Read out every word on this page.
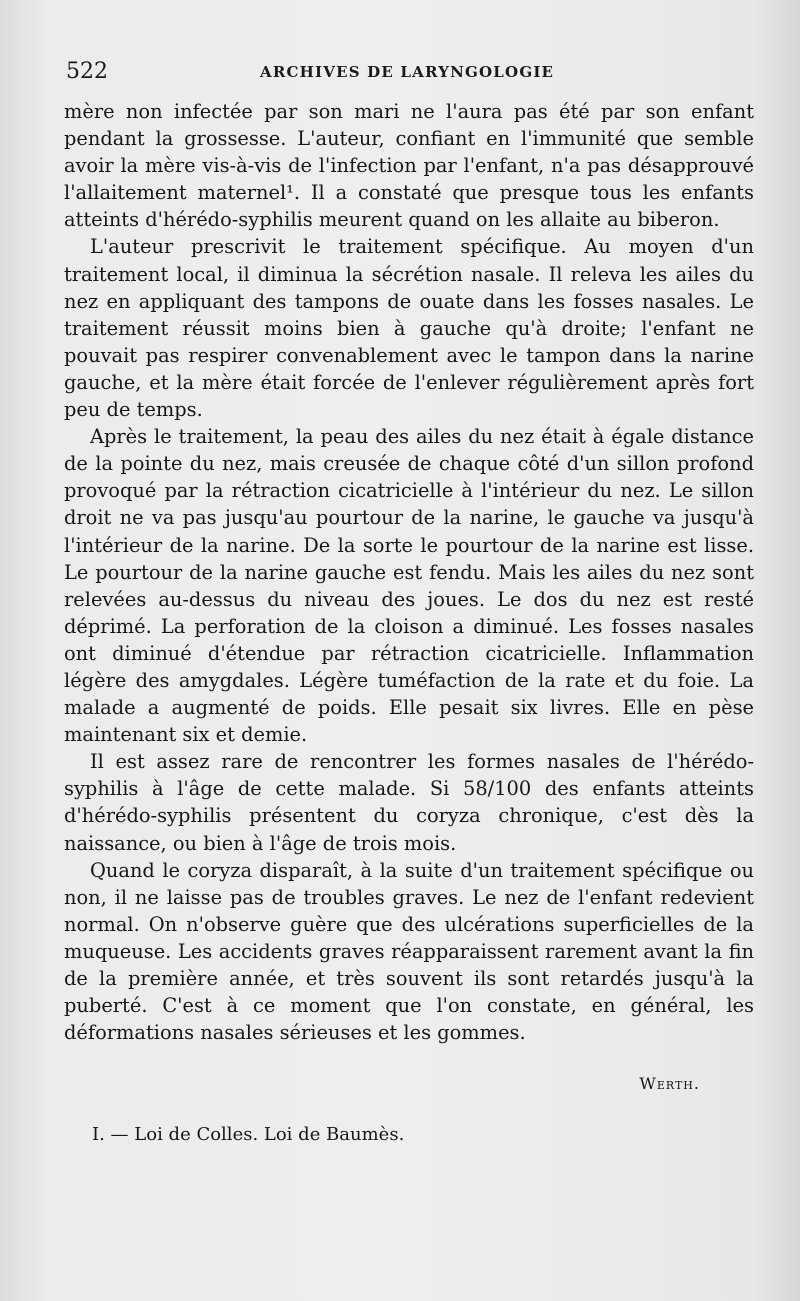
522	ARCHIVES DE LARYNGOLOGIE

mère non infectée par son mari ne l'aura pas été par son enfant pendant la grossesse. L'auteur, confiant en l'immunité que semble avoir la mère vis-à-vis de l'infection par l'enfant, n'a pas désapprouvé l'allaitement maternel¹. Il a constaté que presque tous les enfants atteints d'hérédo-syphilis meurent quand on les allaite au biberon.

L'auteur prescrivit le traitement spécifique. Au moyen d'un traitement local, il diminua la sécrétion nasale. Il releva les ailes du nez en appliquant des tampons de ouate dans les fosses nasales. Le traitement réussit moins bien à gauche qu'à droite; l'enfant ne pouvait pas respirer convenablement avec le tampon dans la narine gauche, et la mère était forcée de l'enlever régulièrement après fort peu de temps.

Après le traitement, la peau des ailes du nez était à égale distance de la pointe du nez, mais creusée de chaque côté d'un sillon profond provoqué par la rétraction cicatricielle à l'intérieur du nez. Le sillon droit ne va pas jusqu'au pourtour de la narine, le gauche va jusqu'à l'intérieur de la narine. De la sorte le pourtour de la narine est lisse. Le pourtour de la narine gauche est fendu. Mais les ailes du nez sont relevées au-dessus du niveau des joues. Le dos du nez est resté déprimé. La perforation de la cloison a diminué. Les fosses nasales ont diminué d'étendue par rétraction cicatricielle. Inflammation légère des amygdales. Légère tuméfaction de la rate et du foie. La malade a augmenté de poids. Elle pesait six livres. Elle en pèse maintenant six et demie.

Il est assez rare de rencontrer les formes nasales de l'hérédo-syphilis à l'âge de cette malade. Si 58/100 des enfants atteints d'hérédo-syphilis présentent du coryza chronique, c'est dès la naissance, ou bien à l'âge de trois mois.

Quand le coryza disparaît, à la suite d'un traitement spécifique ou non, il ne laisse pas de troubles graves. Le nez de l'enfant redevient normal. On n'observe guère que des ulcérations superficielles de la muqueuse. Les accidents graves réapparaissent rarement avant la fin de la première année, et très souvent ils sont retardés jusqu'à la puberté. C'est à ce moment que l'on constate, en général, les déformations nasales sérieuses et les gommes.

Werth.
I. — Loi de Colles. Loi de Baumès.
